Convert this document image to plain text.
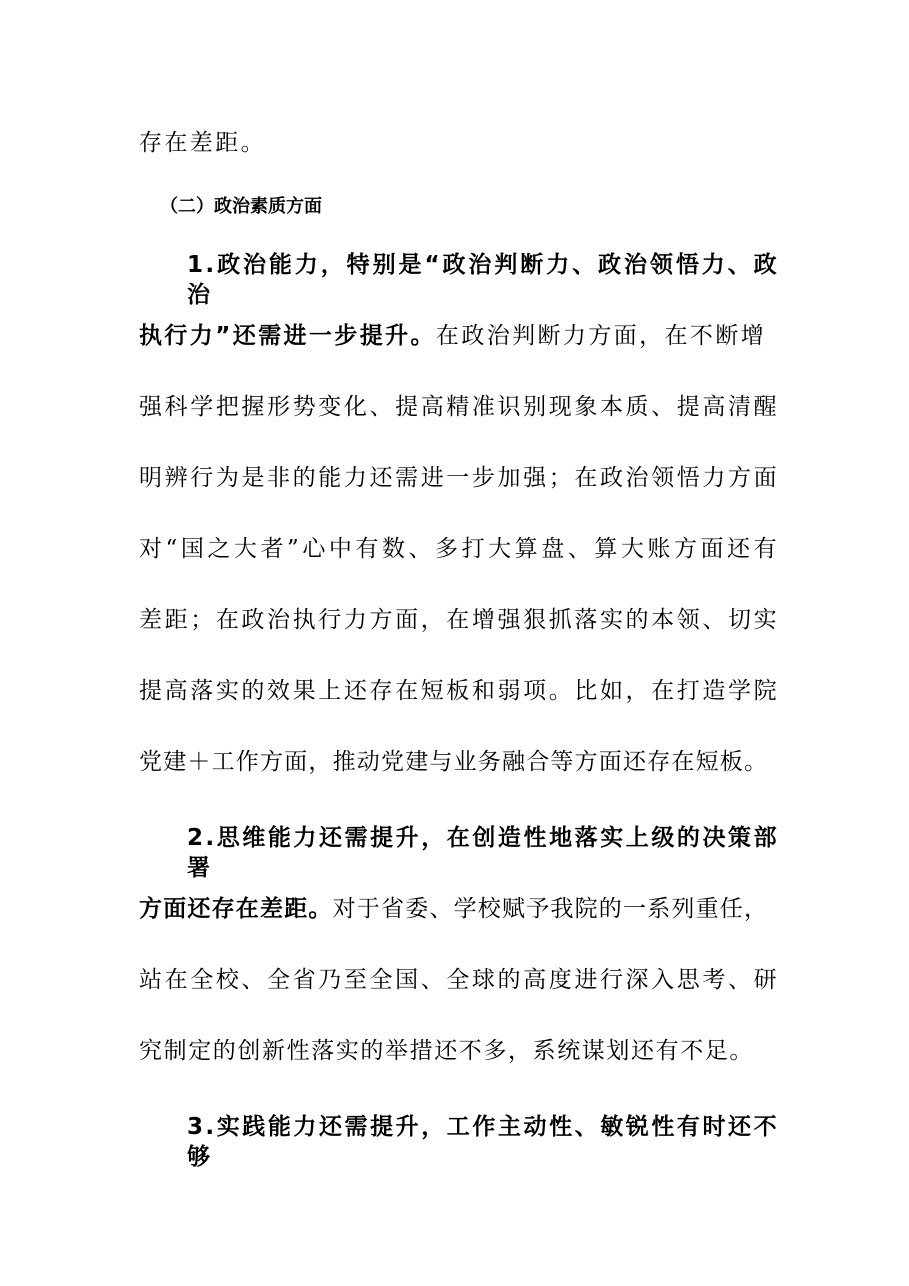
存在差距。
（二）政治素质方面
1.政治能力，特别是“政治判断力、政治领悟力、政治
执行力”还需进一步提升。在政治判断力方面，在不断增
强科学把握形势变化、提高精准识别现象本质、提高清醒
明辨行为是非的能力还需进一步加强；在政治领悟力方面
对“国之大者”心中有数、多打大算盘、算大账方面还有
差距；在政治执行力方面，在增强狠抓落实的本领、切实
提高落实的效果上还存在短板和弱项。比如，在打造学院
党建＋工作方面，推动党建与业务融合等方面还存在短板。
2.思维能力还需提升，在创造性地落实上级的决策部署
方面还存在差距。对于省委、学校赋予我院的一系列重任，
站在全校、全省乃至全国、全球的高度进行深入思考、研
究制定的创新性落实的举措还不多，系统谋划还有不足。
3.实践能力还需提升，工作主动性、敏锐性有时还不够
